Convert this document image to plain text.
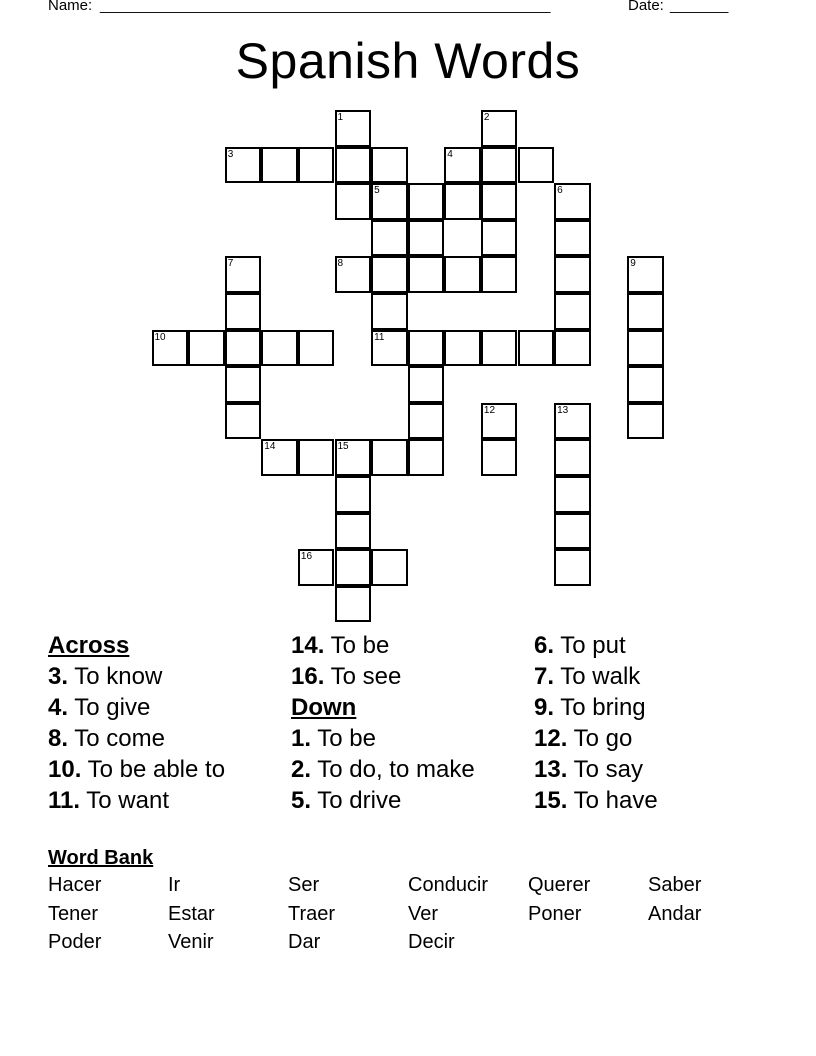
Name: ______________________________________________________	Date: _______
Spanish Words
1	2
3	4
5	6
7	8	9
10	11
12	13
14	15
16
Across
3. To know
4. To give
8. To come
10. To be able to
11. To want
14. To be
16. To see
Down
1. To be
2. To do, to make
5. To drive
6. To put
7. To walk
9. To bring
12. To go
13. To say
15. To have
Word Bank
Hacer	Ir	Ser	Conducir	Querer	Saber
Tener	Estar	Traer	Ver	Poner	Andar
Poder	Venir	Dar	Decir
